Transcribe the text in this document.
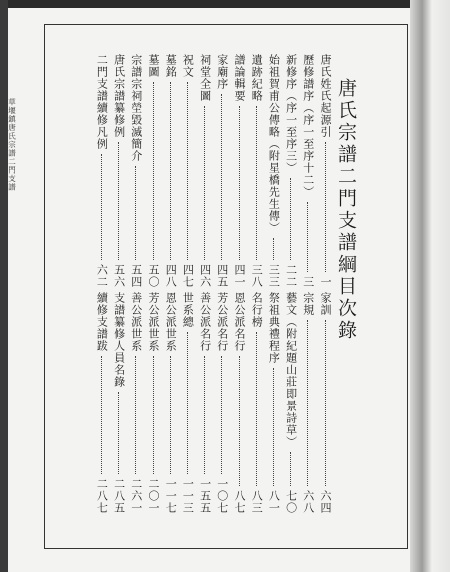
唐氏宗譜二門支譜綱目次錄
草堰鎮唐氏宗譜二門支譜
唐氏姓氏起源引
一
歷修譜序（序一至序十二）
三
新修序（序一至序三）
二二
始祖賀甫公傳略（附星橋先生傳）
三三
遺跡紀略
三八
譜論輯要
四一
家廟序
四五
祠堂全圖
四六
祝文
四七
墓銘
四八
墓圖
五〇
宗譜宗祠塋毀滅簡介
五四
唐氏宗譜纂修例
五六
二門支譜續修凡例
六二
家訓
六四
宗規
六八
藝文（附紀題山莊即景詩草）
七〇
祭祖典禮程序
八一
名行榜
八三
恩公派名行
八七
芳公派名行
一〇七
善公派名行
一五五
世系總
一一三
恩公派世系
一一七
芳公派世系
二〇一
善公派世系
二六一
支譜纂修人員名錄
二八五
續修支譜跋
二八七
